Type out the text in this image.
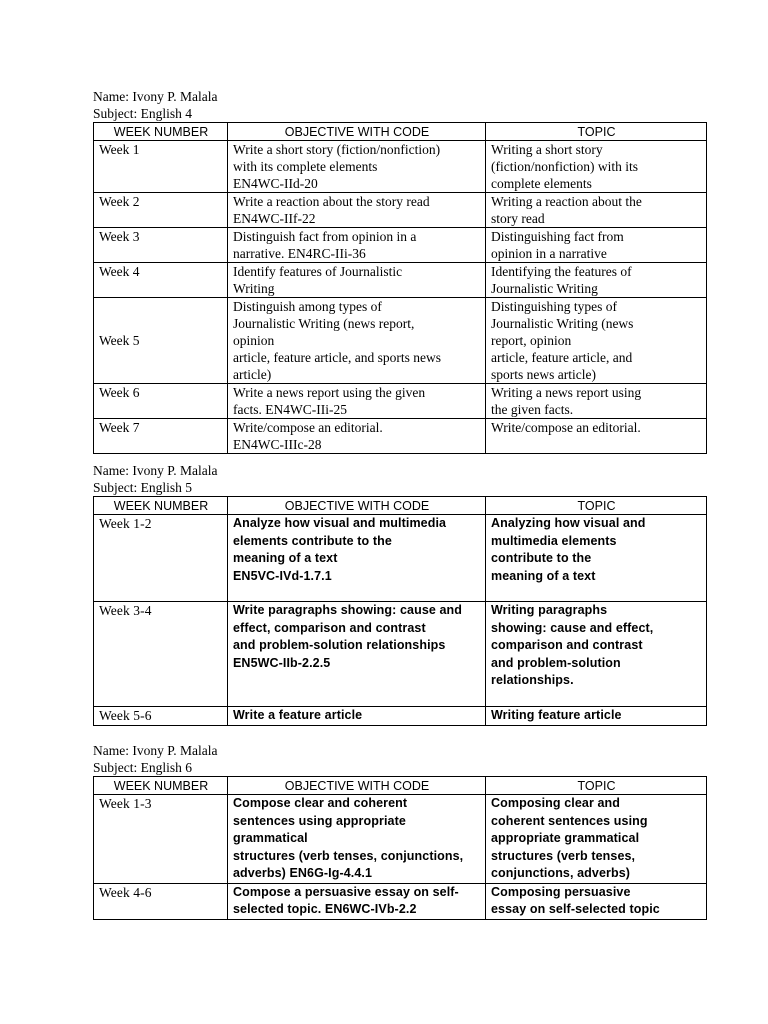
Name: Ivony P. Malala
Subject: English 4
WEEK NUMBER	OBJECTIVE WITH CODE	TOPIC
Week 1	Write a short story (fiction/nonfiction)
with its complete elements
EN4WC-IId-20	Writing a short story
(fiction/nonfiction) with its
complete elements
Week 2	Write a reaction about the story read
EN4WC-IIf-22	Writing a reaction about the
story read
Week 3	Distinguish fact from opinion in a
narrative. EN4RC-IIi-36	Distinguishing fact from
opinion in a narrative
Week 4	Identify features of Journalistic
Writing	Identifying the features of
Journalistic Writing
Week 5	Distinguish among types of
Journalistic Writing (news report,
opinion
article, feature article, and sports news
article)	Distinguishing types of
Journalistic Writing (news
report, opinion
article, feature article, and
sports news article)
Week 6	Write a news report using the given
facts. EN4WC-IIi-25	Writing a news report using
the given facts.
Week 7	Write/compose an editorial.
EN4WC-IIIc-28	Write/compose an editorial.
Name: Ivony P. Malala
Subject: English 5
WEEK NUMBER	OBJECTIVE WITH CODE	TOPIC
Week 1-2	Analyze how visual and multimedia
elements contribute to the
meaning of a text
EN5VC-IVd-1.7.1	Analyzing how visual and
multimedia elements
contribute to the
meaning of a text
Week 3-4	Write paragraphs showing: cause and
effect, comparison and contrast
and problem-solution relationships
EN5WC-IIb-2.2.5	Writing paragraphs
showing: cause and effect,
comparison and contrast
and problem-solution
relationships.
Week 5-6	Write a feature article	Writing feature article
Name: Ivony P. Malala
Subject: English 6
WEEK NUMBER	OBJECTIVE WITH CODE	TOPIC
Week 1-3	Compose clear and coherent
sentences using appropriate
grammatical
structures (verb tenses, conjunctions,
adverbs) EN6G-Ig-4.4.1	Composing clear and
coherent sentences using
appropriate grammatical
structures (verb tenses,
conjunctions, adverbs)
Week 4-6	Compose a persuasive essay on self-
selected topic. EN6WC-IVb-2.2	Composing persuasive
essay on self-selected topic
